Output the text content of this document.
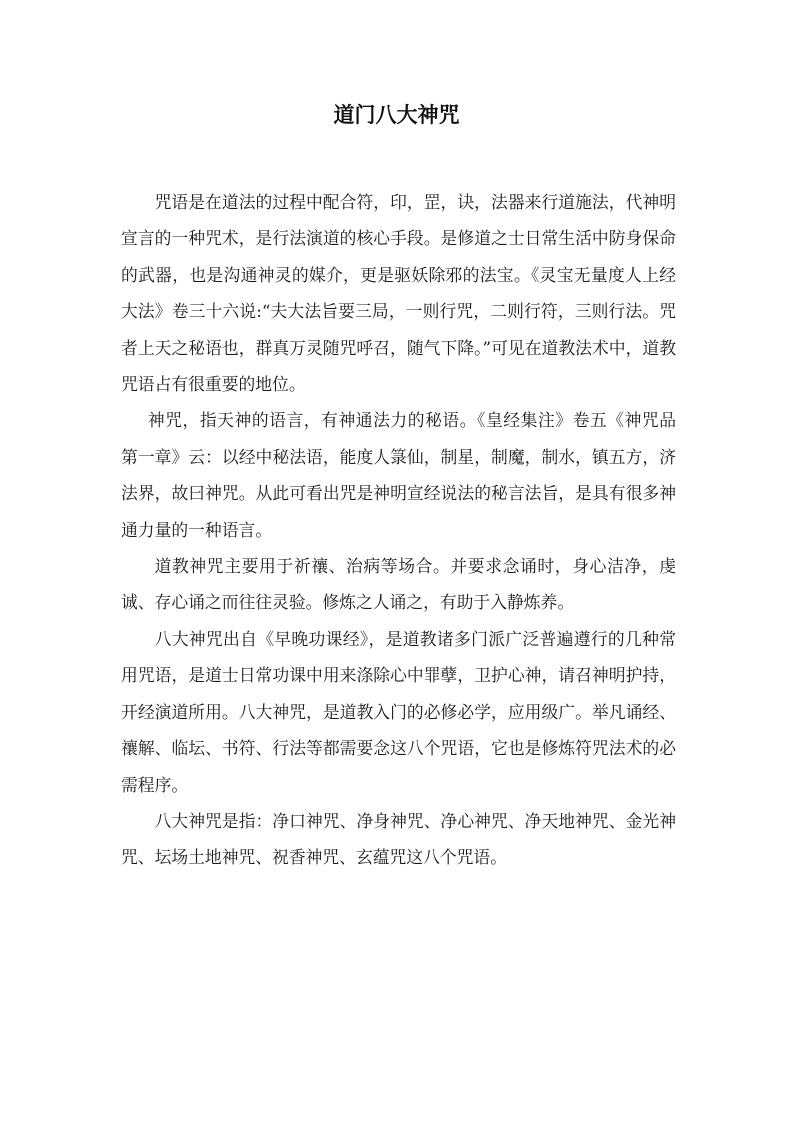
道门八大神咒

咒语是在道法的过程中配合符，印，罡，诀，法器来行道施法，代神明宣言的一种咒术，是行法演道的核心手段。是修道之士日常生活中防身保命的武器，也是沟通神灵的媒介，更是驱妖除邪的法宝。《灵宝无量度人上经大法》卷三十六说:“夫大法旨要三局，一则行咒，二则行符，三则行法。咒者上天之秘语也，群真万灵随咒呼召，随气下降。”可见在道教法术中，道教咒语占有很重要的地位。

神咒，指天神的语言，有神通法力的秘语。《皇经集注》卷五《神咒品第一章》云：以经中秘法语，能度人箓仙，制星，制魔，制水，镇五方，济法界，故曰神咒。从此可看出咒是神明宣经说法的秘言法旨，是具有很多神通力量的一种语言。

道教神咒主要用于祈禳、治病等场合。并要求念诵时，身心洁净，虔诚、存心诵之而往往灵验。修炼之人诵之，有助于入静炼养。

八大神咒出自《早晚功课经》，是道教诸多门派广泛普遍遵行的几种常用咒语，是道士日常功课中用来涤除心中罪孽，卫护心神，请召神明护持，开经演道所用。八大神咒，是道教入门的必修必学，应用级广。举凡诵经、禳解、临坛、书符、行法等都需要念这八个咒语，它也是修炼符咒法术的必需程序。

八大神咒是指：净口神咒、净身神咒、净心神咒、净天地神咒、金光神咒、坛场土地神咒、祝香神咒、玄蕴咒这八个咒语。
